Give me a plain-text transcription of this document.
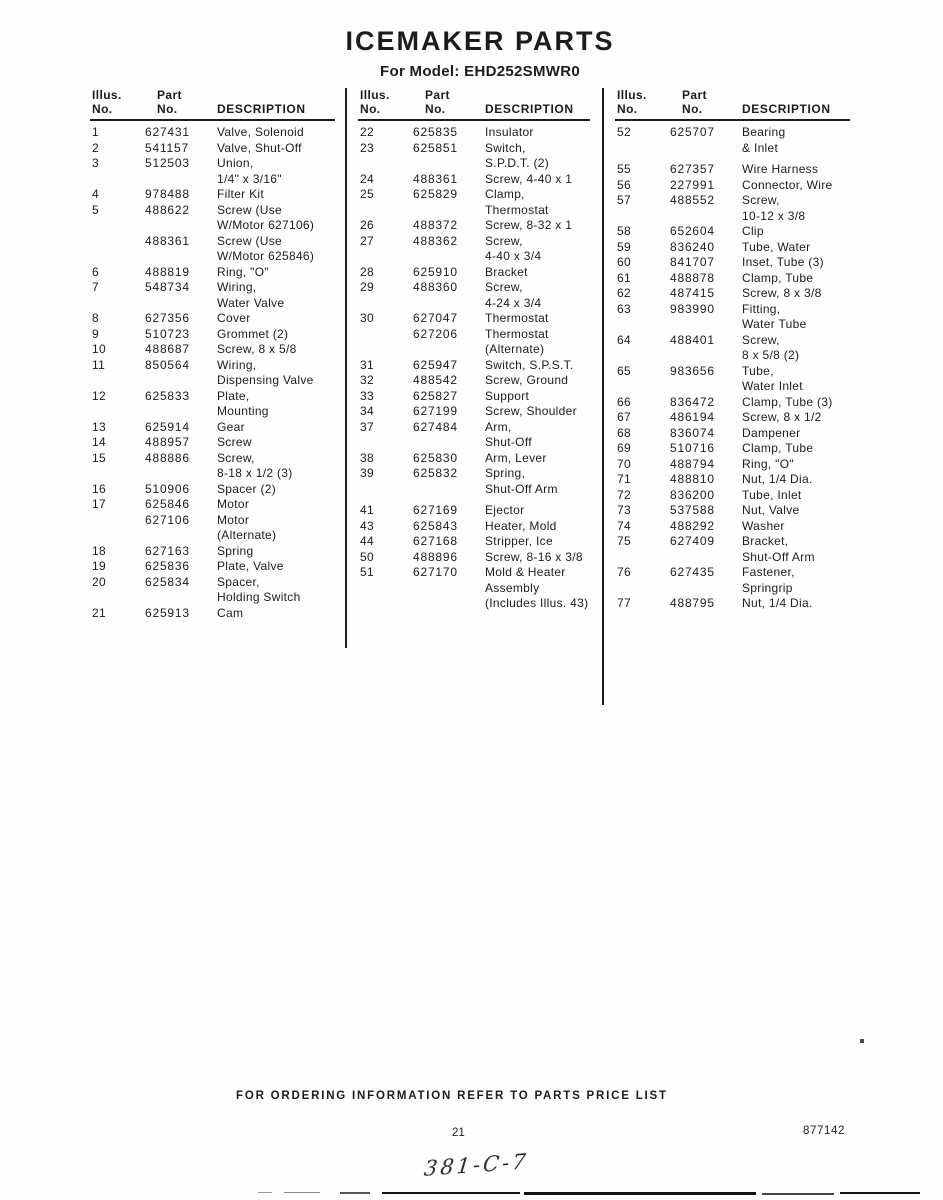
ICEMAKER PARTS
For Model: EHD252SMWR0
Illus.	Part
No.	No.	DESCRIPTION
1	627431	Valve, Solenoid
2	541157	Valve, Shut-Off
3	512503	Union,
1/4" x 3/16"
4	978488	Filter Kit
5	488622	Screw (Use
W/Motor 627106)
488361	Screw (Use
W/Motor 625846)
6	488819	Ring, "O"
7	548734	Wiring,
Water Valve
8	627356	Cover
9	510723	Grommet (2)
10	488687	Screw, 8 x 5/8
11	850564	Wiring,
Dispensing Valve
12	625833	Plate,
Mounting
13	625914	Gear
14	488957	Screw
15	488886	Screw,
8-18 x 1/2 (3)
16	510906	Spacer (2)
17	625846	Motor
627106	Motor
(Alternate)
18	627163	Spring
19	625836	Plate, Valve
20	625834	Spacer,
Holding Switch
21	625913	Cam
Illus.	Part
No.	No.	DESCRIPTION
22	625835	Insulator
23	625851	Switch,
S.P.D.T. (2)
24	488361	Screw, 4-40 x 1
25	625829	Clamp,
Thermostat
26	488372	Screw, 8-32 x 1
27	488362	Screw,
4-40 x 3/4
28	625910	Bracket
29	488360	Screw,
4-24 x 3/4
30	627047	Thermostat
627206	Thermostat
(Alternate)
31	625947	Switch, S.P.S.T.
32	488542	Screw, Ground
33	625827	Support
34	627199	Screw, Shoulder
37	627484	Arm,
Shut-Off
38	625830	Arm, Lever
39	625832	Spring,
Shut-Off Arm
41	627169	Ejector
43	625843	Heater, Mold
44	627168	Stripper, Ice
50	488896	Screw, 8-16 x 3/8
51	627170	Mold & Heater
Assembly
(Includes Illus. 43)
Illus.	Part
No.	No.	DESCRIPTION
52	625707	Bearing
& Inlet
55	627357	Wire Harness
56	227991	Connector, Wire
57	488552	Screw,
10-12 x 3/8
58	652604	Clip
59	836240	Tube, Water
60	841707	Inset, Tube (3)
61	488878	Clamp, Tube
62	487415	Screw, 8 x 3/8
63	983990	Fitting,
Water Tube
64	488401	Screw,
8 x 5/8 (2)
65	983656	Tube,
Water Inlet
66	836472	Clamp, Tube (3)
67	486194	Screw, 8 x 1/2
68	836074	Dampener
69	510716	Clamp, Tube
70	488794	Ring, "O"
71	488810	Nut, 1/4 Dia.
72	836200	Tube, Inlet
73	537588	Nut, Valve
74	488292	Washer
75	627409	Bracket,
Shut-Off Arm
76	627435	Fastener,
Springrip
77	488795	Nut, 1/4 Dia.
FOR ORDERING INFORMATION REFER TO PARTS PRICE LIST
21	877142
381-C-7
